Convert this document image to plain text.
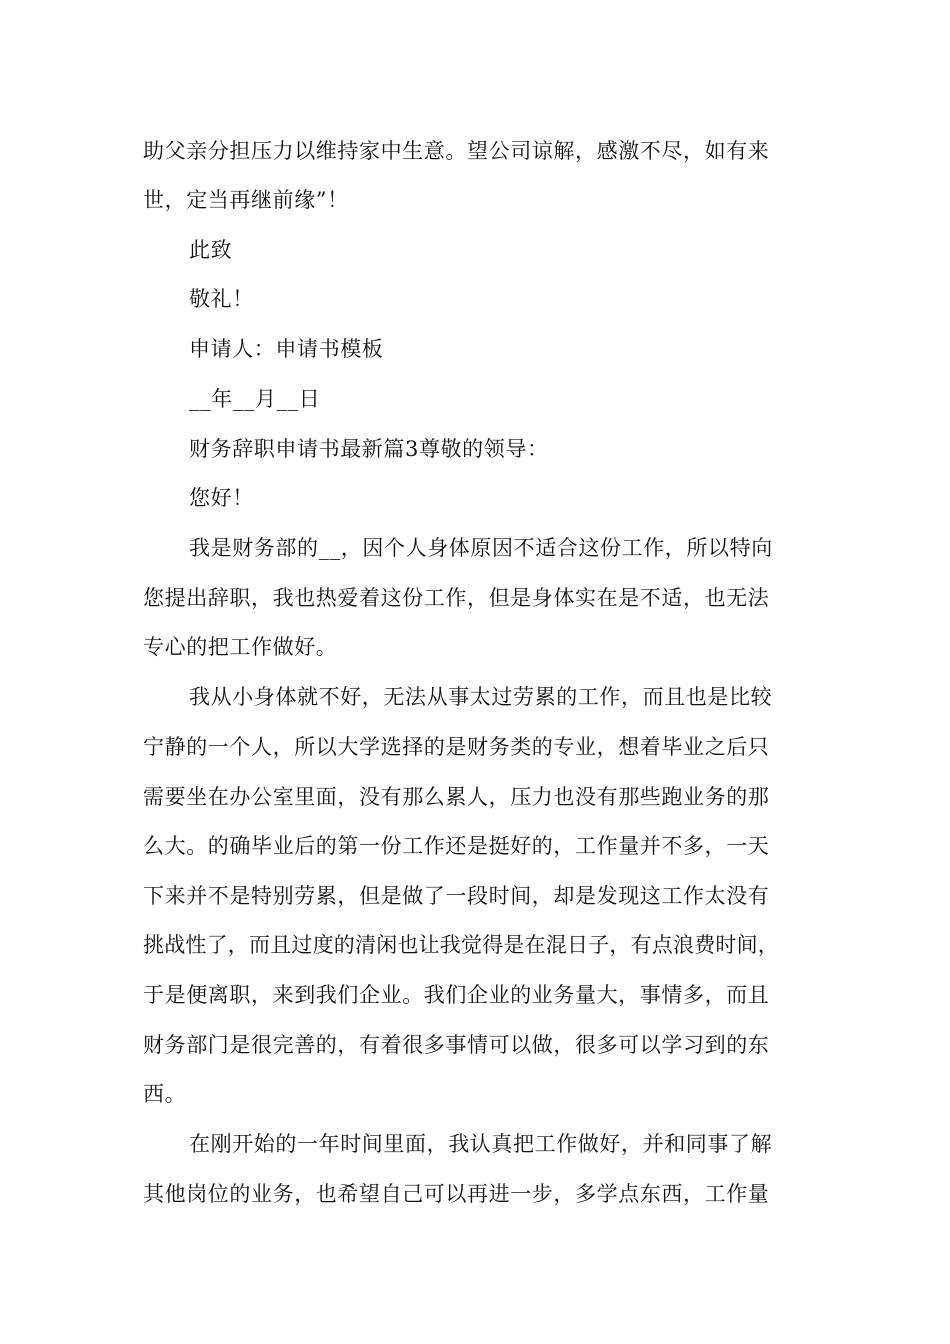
助父亲分担压力以维持家中生意。望公司谅解，感激不尽，如有来
世，定当再继前缘”！
此致
敬礼！
申请人：申请书模板
__年__月__日
财务辞职申请书最新篇3尊敬的领导：
您好！
我是财务部的__，因个人身体原因不适合这份工作，所以特向
您提出辞职，我也热爱着这份工作，但是身体实在是不适，也无法
专心的把工作做好。
我从小身体就不好，无法从事太过劳累的工作，而且也是比较
宁静的一个人，所以大学选择的是财务类的专业，想着毕业之后只
需要坐在办公室里面，没有那么累人，压力也没有那些跑业务的那
么大。的确毕业后的第一份工作还是挺好的，工作量并不多，一天
下来并不是特别劳累，但是做了一段时间，却是发现这工作太没有
挑战性了，而且过度的清闲也让我觉得是在混日子，有点浪费时间，
于是便离职，来到我们企业。我们企业的业务量大，事情多，而且
财务部门是很完善的，有着很多事情可以做，很多可以学习到的东
西。
在刚开始的一年时间里面，我认真把工作做好，并和同事了解
其他岗位的业务，也希望自己可以再进一步，多学点东西，工作量
